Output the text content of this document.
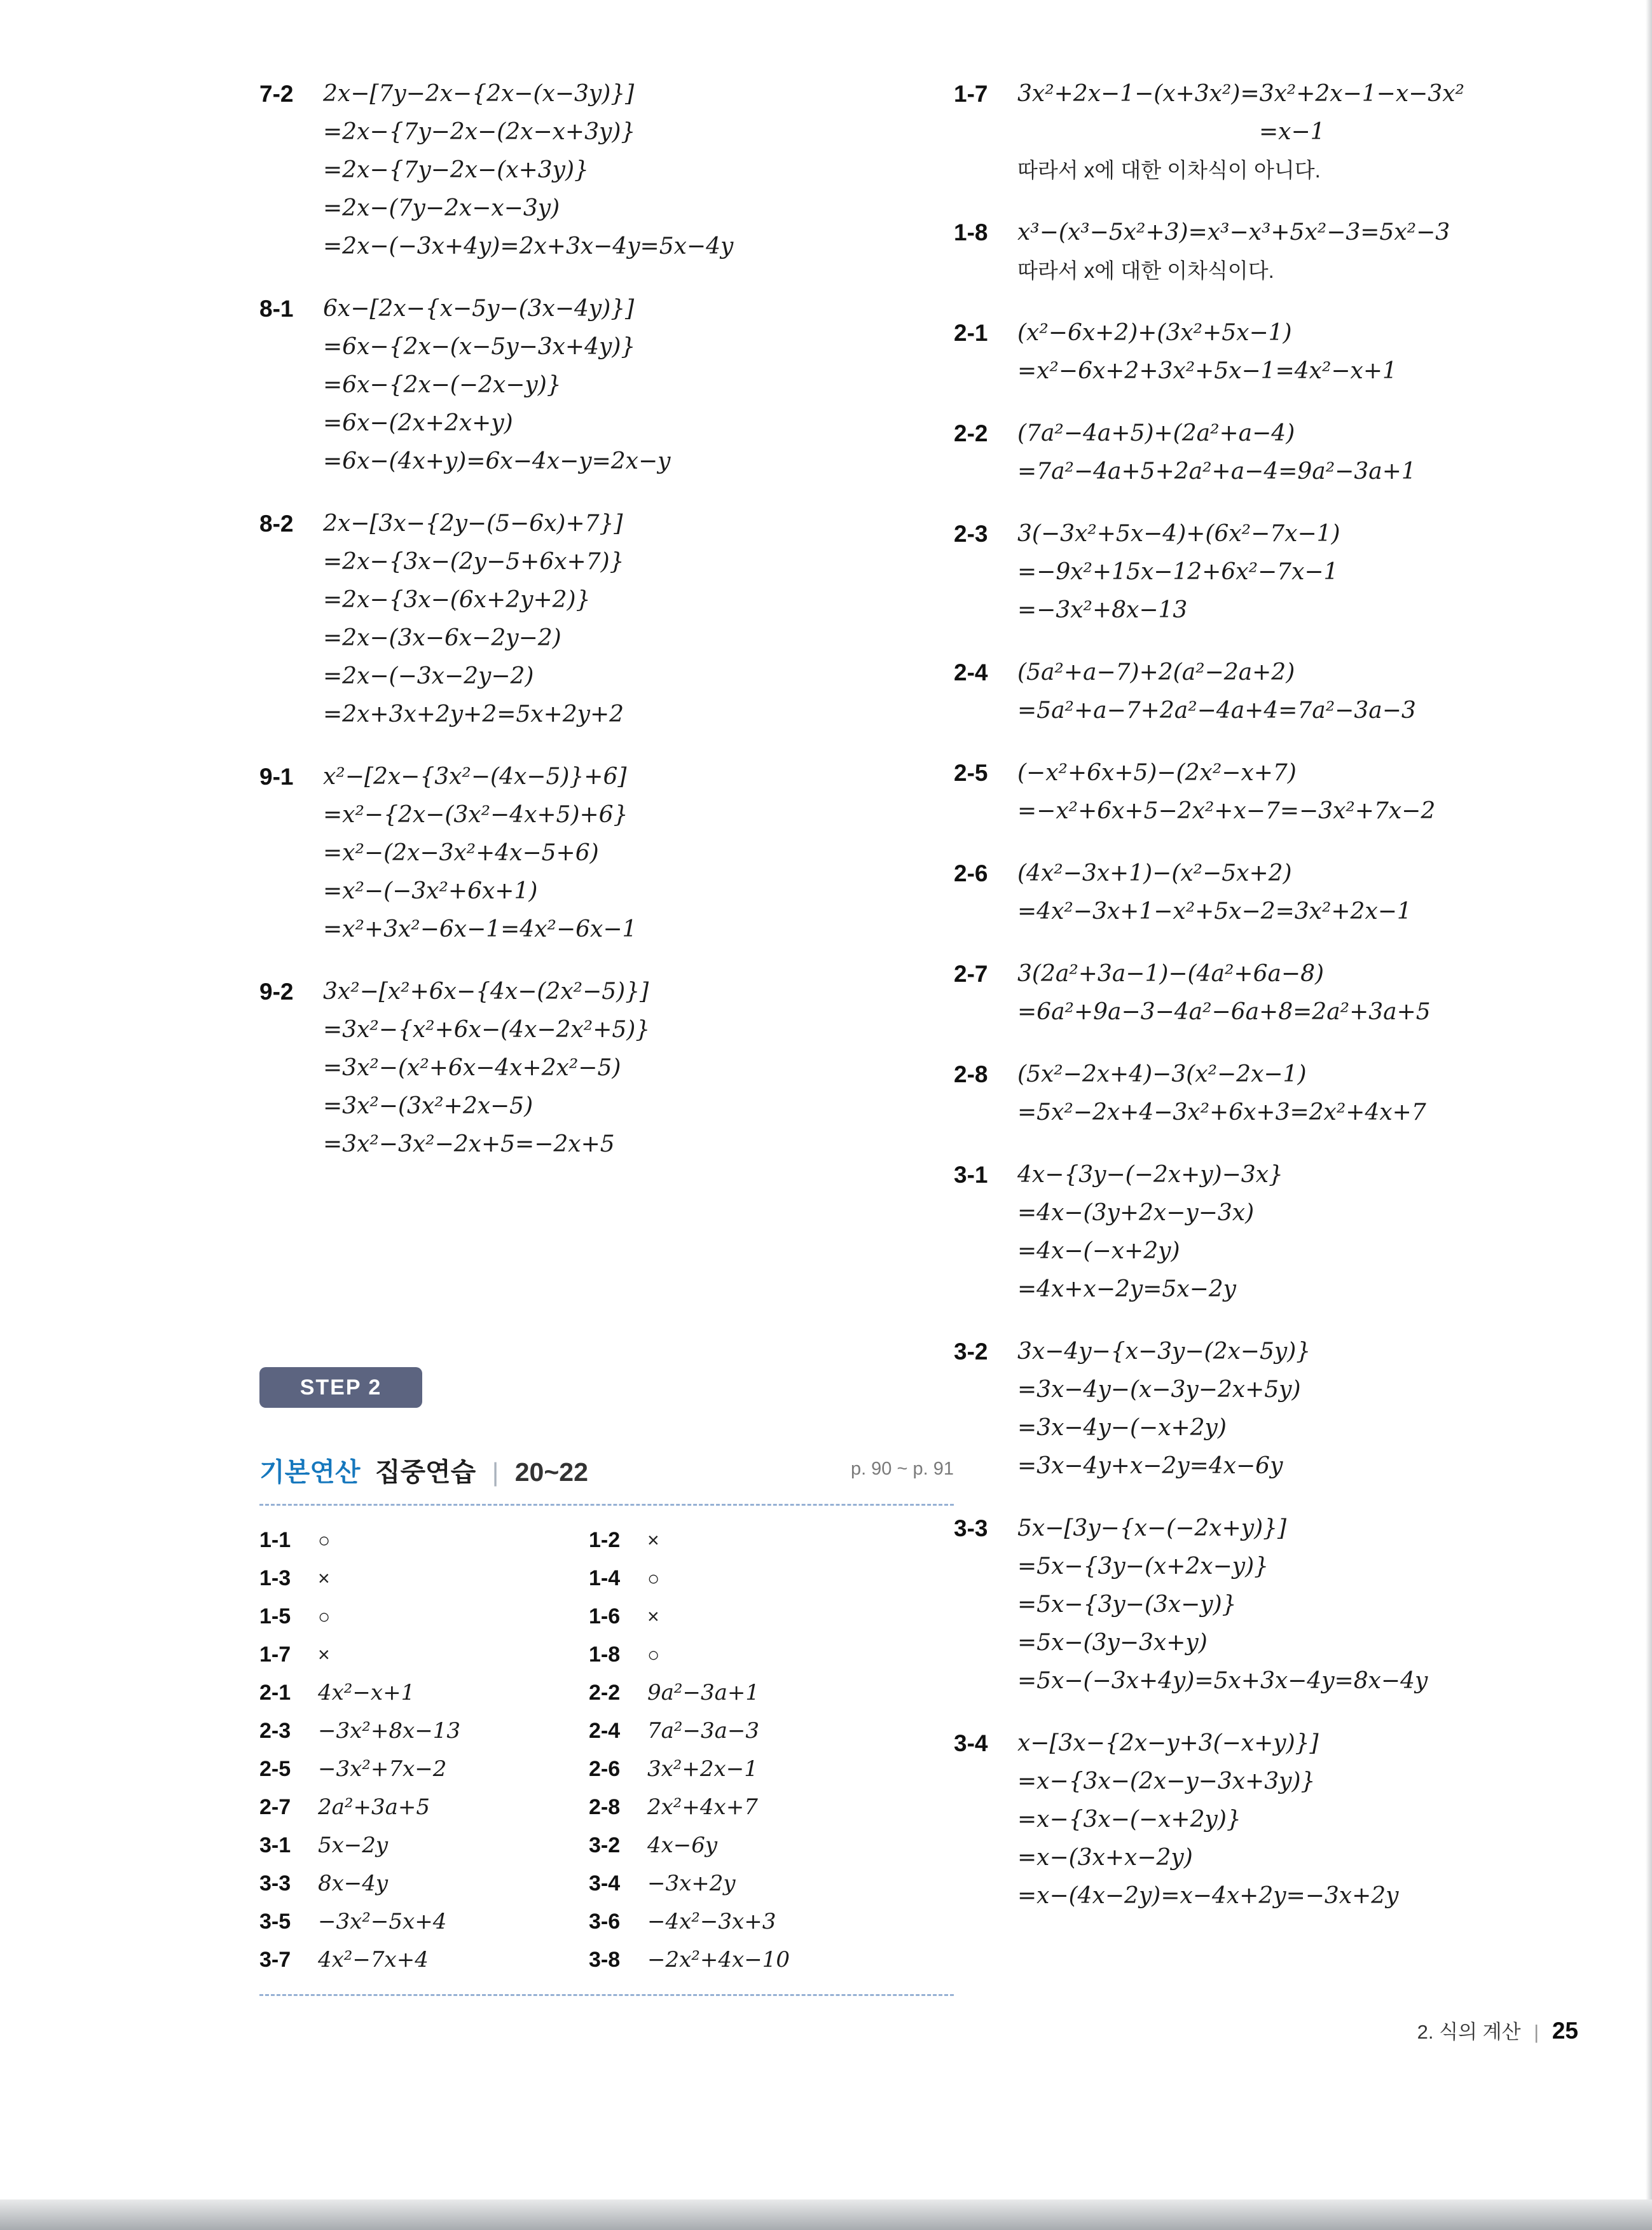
7-2	2x−[7y−2x−{2x−(x−3y)}]
=2x−{7y−2x−(2x−x+3y)}
=2x−{7y−2x−(x+3y)}
=2x−(7y−2x−x−3y)
=2x−(−3x+4y)=2x+3x−4y=5x−4y
8-1	6x−[2x−{x−5y−(3x−4y)}]
=6x−{2x−(x−5y−3x+4y)}
=6x−{2x−(−2x−y)}
=6x−(2x+2x+y)
=6x−(4x+y)=6x−4x−y=2x−y
8-2	2x−[3x−{2y−(5−6x)+7}]
=2x−{3x−(2y−5+6x+7)}
=2x−{3x−(6x+2y+2)}
=2x−(3x−6x−2y−2)
=2x−(−3x−2y−2)
=2x+3x+2y+2=5x+2y+2
9-1	x²−[2x−{3x²−(4x−5)}+6]
=x²−{2x−(3x²−4x+5)+6}
=x²−(2x−3x²+4x−5+6)
=x²−(−3x²+6x+1)
=x²+3x²−6x−1=4x²−6x−1
9-2	3x²−[x²+6x−{4x−(2x²−5)}]
=3x²−{x²+6x−(4x−2x²+5)}
=3x²−(x²+6x−4x+2x²−5)
=3x²−(3x²+2x−5)
=3x²−3x²−2x+5=−2x+5
1-7	3x²+2x−1−(x+3x²)=3x²+2x−1−x−3x²
=x−1
따라서 x에 대한 이차식이 아니다.
1-8	x³−(x³−5x²+3)=x³−x³+5x²−3=5x²−3
따라서 x에 대한 이차식이다.
2-1	(x²−6x+2)+(3x²+5x−1)
=x²−6x+2+3x²+5x−1=4x²−x+1
2-2	(7a²−4a+5)+(2a²+a−4)
=7a²−4a+5+2a²+a−4=9a²−3a+1
2-3	3(−3x²+5x−4)+(6x²−7x−1)
=−9x²+15x−12+6x²−7x−1
=−3x²+8x−13
2-4	(5a²+a−7)+2(a²−2a+2)
=5a²+a−7+2a²−4a+4=7a²−3a−3
2-5	(−x²+6x+5)−(2x²−x+7)
=−x²+6x+5−2x²+x−7=−3x²+7x−2
2-6	(4x²−3x+1)−(x²−5x+2)
=4x²−3x+1−x²+5x−2=3x²+2x−1
2-7	3(2a²+3a−1)−(4a²+6a−8)
=6a²+9a−3−4a²−6a+8=2a²+3a+5
2-8	(5x²−2x+4)−3(x²−2x−1)
=5x²−2x+4−3x²+6x+3=2x²+4x+7
3-1	4x−{3y−(−2x+y)−3x}
=4x−(3y+2x−y−3x)
=4x−(−x+2y)
=4x+x−2y=5x−2y
3-2	3x−4y−{x−3y−(2x−5y)}
=3x−4y−(x−3y−2x+5y)
=3x−4y−(−x+2y)
=3x−4y+x−2y=4x−6y
3-3	5x−[3y−{x−(−2x+y)}]
=5x−{3y−(x+2x−y)}
=5x−{3y−(3x−y)}
=5x−(3y−3x+y)
=5x−(−3x+4y)=5x+3x−4y=8x−4y
3-4	x−[3x−{2x−y+3(−x+y)}]
=x−{3x−(2x−y−3x+3y)}
=x−{3x−(−x+2y)}
=x−(3x+x−2y)
=x−(4x−2y)=x−4x+2y=−3x+2y
STEP 2
p. 90 ~ p. 91
기본연산 집중연습 | 20~22
1-1	○	1-2	×
1-3	×	1-4	○
1-5	○	1-6	×
1-7	×	1-8	○
2-1	4x²−x+1	2-2	9a²−3a+1
2-3	−3x²+8x−13	2-4	7a²−3a−3
2-5	−3x²+7x−2	2-6	3x²+2x−1
2-7	2a²+3a+5	2-8	2x²+4x+7
3-1	5x−2y	3-2	4x−6y
3-3	8x−4y	3-4	−3x+2y
3-5	−3x²−5x+4	3-6	−4x²−3x+3
3-7	4x²−7x+4	3-8	−2x²+4x−10
2. 식의 계산 | 25
